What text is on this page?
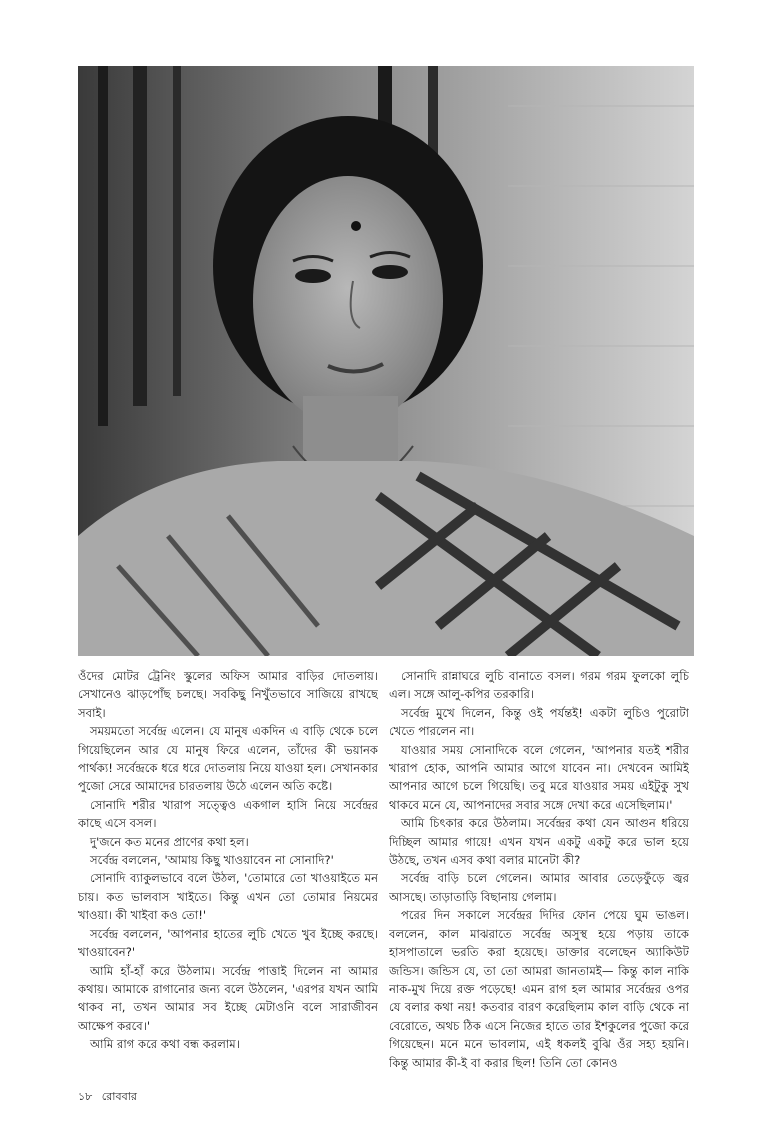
ওঁদের মোটর ট্রেনিং স্কুলের অফিস আমার বাড়ির দোতলায়। সেখানেও ঝাড়পোঁছ চলছে। সবকিছু নিখুঁতভাবে সাজিয়ে রাখছে সবাই।

সময়মতো সর্বেন্দ্র এলেন। যে মানুষ একদিন এ বাড়ি থেকে চলে গিয়েছিলেন আর যে মানুষ ফিরে এলেন, তাঁদের কী ভয়ানক পার্থক্য! সর্বেন্দ্রকে ধরে ধরে দোতলায় নিয়ে যাওয়া হল। সেখানকার পুজো সেরে আমাদের চারতলায় উঠে এলেন অতি কষ্টে।

সোনাদি শরীর খারাপ সত্ত্বেও একগাল হাসি নিয়ে সর্বেন্দ্রর কাছে এসে বসল।

দু'জনে কত মনের প্রাণের কথা হল।

সর্বেন্দ্র বললেন, 'আমায় কিছু খাওয়াবেন না সোনাদি?'

সোনাদি ব্যাকুলভাবে বলে উঠল, 'তোমারে তো খাওয়াইতে মন চায়। কত ভালবাস খাইতে। কিন্তু এখন তো তোমার নিয়মের খাওয়া। কী খাইবা কও তো!'

সর্বেন্দ্র বললেন, 'আপনার হাতের লুচি খেতে খুব ইচ্ছে করছে। খাওয়াবেন?'

আমি হাঁ-হাঁ করে উঠলাম। সর্বেন্দ্র পাত্তাই দিলেন না আমার কথায়। আমাকে রাগানোর জন্য বলে উঠলেন, 'এরপর যখন আমি থাকব না, তখন আমার সব ইচ্ছে মেটাওনি বলে সারাজীবন আক্ষেপ করবে।'

আমি রাগ করে কথা বন্ধ করলাম।

সোনাদি রান্নাঘরে লুচি বানাতে বসল। গরম গরম ফুলকো লুচি এল। সঙ্গে আলু-কপির তরকারি।

সর্বেন্দ্র মুখে দিলেন, কিন্তু ওই পর্যন্তই! একটা লুচিও পুরোটা খেতে পারলেন না।

যাওয়ার সময় সোনাদিকে বলে গেলেন, 'আপনার যতই শরীর খারাপ হোক, আপনি আমার আগে যাবেন না। দেখবেন আমিই আপনার আগে চলে গিয়েছি। তবু মরে যাওয়ার সময় এইটুকু সুখ থাকবে মনে যে, আপনাদের সবার সঙ্গে দেখা করে এসেছিলাম।'

আমি চিৎকার করে উঠলাম। সর্বেন্দ্রর কথা যেন আগুন ধরিয়ে দিচ্ছিল আমার গায়ে! এখন যখন একটু একটু করে ভাল হয়ে উঠছে, তখন এসব কথা বলার মানেটা কী?

সর্বেন্দ্র বাড়ি চলে গেলেন। আমার আবার তেড়েফুঁড়ে জ্বর আসছে। তাড়াতাড়ি বিছানায় গেলাম।

পরের দিন সকালে সর্বেন্দ্রর দিদির ফোন পেয়ে ঘুম ভাঙল। বললেন, কাল মাঝরাতে সর্বেন্দ্র অসুস্থ হয়ে পড়ায় তাকে হাসপাতালে ভরতি করা হয়েছে। ডাক্তার বলেছেন অ্যাকিউট জন্ডিস। জন্ডিস যে, তা তো আমরা জানতামই— কিন্তু কাল নাকি নাক-মুখ দিয়ে রক্ত পড়েছে! এমন রাগ হল আমার সর্বেন্দ্রর ওপর যে বলার কথা নয়! কতবার বারণ করেছিলাম কাল বাড়ি থেকে না বেরোতে, অথচ ঠিক এসে নিজের হাতে তার ইশকুলের পুজো করে গিয়েছেন। মনে মনে ভাবলাম, এই ধকলই বুঝি ওঁর সহ্য হয়নি। কিন্তু আমার কী-ই বা করার ছিল! তিনি তো কোনও

১৮ রোববার
